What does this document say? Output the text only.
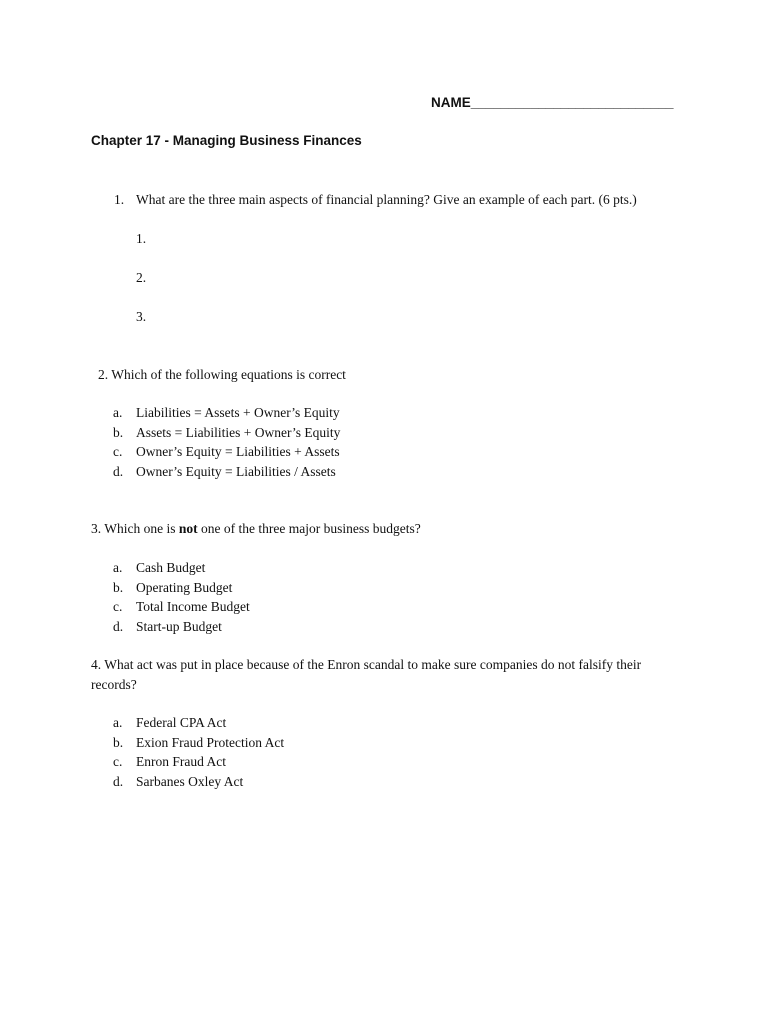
NAME___________________________
Chapter 17 - Managing Business Finances
1. What are the three main aspects of financial planning? Give an example of each part. (6 pts.)
1.
2.
3.
2. Which of the following equations is correct
a. Liabilities = Assets + Owner’s Equity
b. Assets = Liabilities + Owner’s Equity
c. Owner’s Equity = Liabilities + Assets
d. Owner’s Equity = Liabilities / Assets
3. Which one is not one of the three major business budgets?
a. Cash Budget
b. Operating Budget
c. Total Income Budget
d. Start-up Budget
4. What act was put in place because of the Enron scandal to make sure companies do not falsify their
records?
a. Federal CPA Act
b. Exion Fraud Protection Act
c. Enron Fraud Act
d. Sarbanes Oxley Act
